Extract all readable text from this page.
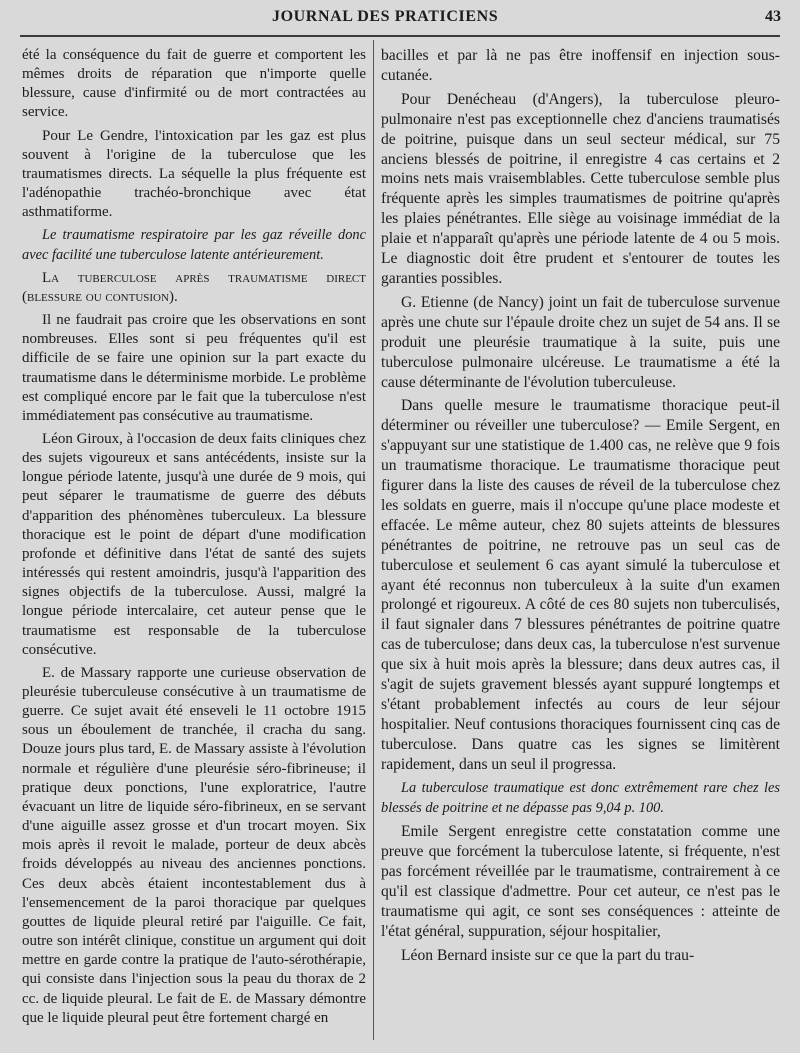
JOURNAL DES PRATICIENS	43

été la conséquence du fait de guerre et comportent les mêmes droits de réparation que n'importe quelle blessure, cause d'infirmité ou de mort contractées au service.

Pour Le Gendre, l'intoxication par les gaz est plus souvent à l'origine de la tuberculose que les traumatismes directs. La séquelle la plus fréquente est l'adénopathie trachéo-bronchique avec état asthmatiforme.

Le traumatisme respiratoire par les gaz réveille donc avec facilité une tuberculose latente antérieurement.

La tuberculose après traumatisme direct (blessure ou contusion).

Il ne faudrait pas croire que les observations en sont nombreuses. Elles sont si peu fréquentes qu'il est difficile de se faire une opinion sur la part exacte du traumatisme dans le déterminisme morbide. Le problème est compliqué encore par le fait que la tuberculose n'est immédiatement pas consécutive au traumatisme.

Léon Giroux, à l'occasion de deux faits cliniques chez des sujets vigoureux et sans antécédents, insiste sur la longue période latente, jusqu'à une durée de 9 mois, qui peut séparer le traumatisme de guerre des débuts d'apparition des phénomènes tuberculeux. La blessure thoracique est le point de départ d'une modification profonde et définitive dans l'état de santé des sujets intéressés qui restent amoindris, jusqu'à l'apparition des signes objectifs de la tuberculose. Aussi, malgré la longue période intercalaire, cet auteur pense que le traumatisme est responsable de la tuberculose consécutive.

E. de Massary rapporte une curieuse observation de pleurésie tuberculeuse consécutive à un traumatisme de guerre. Ce sujet avait été enseveli le 11 octobre 1915 sous un éboulement de tranchée, il cracha du sang. Douze jours plus tard, E. de Massary assiste à l'évolution normale et régulière d'une pleurésie séro-fibrineuse; il pratique deux ponctions, l'une exploratrice, l'autre évacuant un litre de liquide séro-fibrineux, en se servant d'une aiguille assez grosse et d'un trocart moyen. Six mois après il revoit le malade, porteur de deux abcès froids développés au niveau des anciennes ponctions. Ces deux abcès étaient incontestablement dus à l'ensemencement de la paroi thoracique par quelques gouttes de liquide pleural retiré par l'aiguille. Ce fait, outre son intérêt clinique, constitue un argument qui doit mettre en garde contre la pratique de l'auto-sérothérapie, qui consiste dans l'injection sous la peau du thorax de 2 cc. de liquide pleural. Le fait de E. de Massary démontre que le liquide pleural peut être fortement chargé en

bacilles et par là ne pas être inoffensif en injection sous-cutanée.

Pour Denécheau (d'Angers), la tuberculose pleuro-pulmonaire n'est pas exceptionnelle chez d'anciens traumatisés de poitrine, puisque dans un seul secteur médical, sur 75 anciens blessés de poitrine, il enregistre 4 cas certains et 2 moins nets mais vraisemblables. Cette tuberculose semble plus fréquente après les simples traumatismes de poitrine qu'après les plaies pénétrantes. Elle siège au voisinage immédiat de la plaie et n'apparaît qu'après une période latente de 4 ou 5 mois. Le diagnostic doit être prudent et s'entourer de toutes les garanties possibles.

G. Etienne (de Nancy) joint un fait de tuberculose survenue après une chute sur l'épaule droite chez un sujet de 54 ans. Il se produit une pleurésie traumatique à la suite, puis une tuberculose pulmonaire ulcéreuse. Le traumatisme a été la cause déterminante de l'évolution tuberculeuse.

Dans quelle mesure le traumatisme thoracique peut-il déterminer ou réveiller une tuberculose? — Emile Sergent, en s'appuyant sur une statistique de 1.400 cas, ne relève que 9 fois un traumatisme thoracique. Le traumatisme thoracique peut figurer dans la liste des causes de réveil de la tuberculose chez les soldats en guerre, mais il n'occupe qu'une place modeste et effacée. Le même auteur, chez 80 sujets atteints de blessures pénétrantes de poitrine, ne retrouve pas un seul cas de tuberculose et seulement 6 cas ayant simulé la tuberculose et ayant été reconnus non tuberculeux à la suite d'un examen prolongé et rigoureux. A côté de ces 80 sujets non tuberculisés, il faut signaler dans 7 blessures pénétrantes de poitrine quatre cas de tuberculose; dans deux cas, la tuberculose n'est survenue que six à huit mois après la blessure; dans deux autres cas, il s'agit de sujets gravement blessés ayant suppuré longtemps et s'étant probablement infectés au cours de leur séjour hospitalier. Neuf contusions thoraciques fournissent cinq cas de tuberculose. Dans quatre cas les signes se limitèrent rapidement, dans un seul il progressa.

La tuberculose traumatique est donc extrêmement rare chez les blessés de poitrine et ne dépasse pas 9,04 p. 100.

Emile Sergent enregistre cette constatation comme une preuve que forcément la tuberculose latente, si fréquente, n'est pas forcément réveillée par le traumatisme, contrairement à ce qu'il est classique d'admettre. Pour cet auteur, ce n'est pas le traumatisme qui agit, ce sont ses conséquences : atteinte de l'état général, suppuration, séjour hospitalier,

Léon Bernard insiste sur ce que la part du trau-
